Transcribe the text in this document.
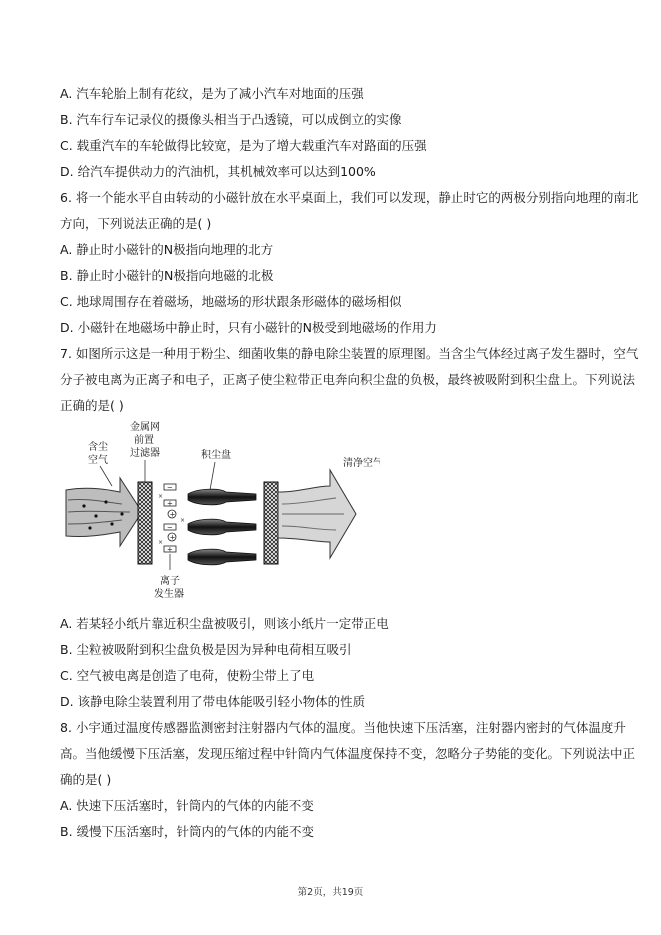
A. 汽车轮胎上制有花纹，是为了减小汽车对地面的压强
B. 汽车行车记录仪的摄像头相当于凸透镜，可以成倒立的实像
C. 载重汽车的车轮做得比较宽，是为了增大载重汽车对路面的压强
D. 给汽车提供动力的汽油机，其机械效率可以达到100%
6. 将一个能水平自由转动的小磁针放在水平桌面上，我们可以发现，静止时它的两极分别指向地理的南北
方向，下列说法正确的是( )
A. 静止时小磁针的N极指向地理的北方
B. 静止时小磁针的N极指向地磁的北极
C. 地球周围存在着磁场，地磁场的形状跟条形磁体的磁场相似
D. 小磁针在地磁场中静止时，只有小磁针的N极受到地磁场的作用力
7. 如图所示这是一种用于粉尘、细菌收集的静电除尘装置的原理图。当含尘气体经过离子发生器时，空气
分子被电离为正离子和电子，正离子使尘粒带正电奔向积尘盘的负极，最终被吸附到积尘盘上。下列说法
正确的是( )
−
+
−
+
+
+
×
×
×
含尘
空气
金属网
前置
过滤器	积尘盘
清净空气
离子
发生器
A. 若某轻小纸片靠近积尘盘被吸引，则该小纸片一定带正电
B. 尘粒被吸附到积尘盘负极是因为异种电荷相互吸引
C. 空气被电离是创造了电荷，使粉尘带上了电
D. 该静电除尘装置利用了带电体能吸引轻小物体的性质
8. 小宇通过温度传感器监测密封注射器内气体的温度。当他快速下压活塞，注射器内密封的气体温度升
高。当他缓慢下压活塞，发现压缩过程中针筒内气体温度保持不变，忽略分子势能的变化。下列说法中正
确的是( )
A. 快速下压活塞时，针筒内的气体的内能不变
B. 缓慢下压活塞时，针筒内的气体的内能不变
第2页，共19页
